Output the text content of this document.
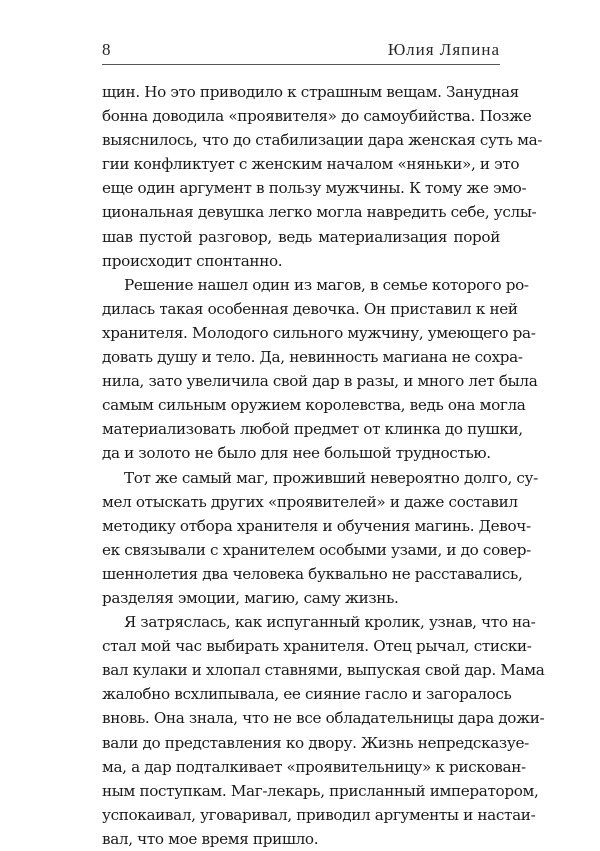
8	Юлия Ляпина
щин. Но это приводило к страшным вещам. Занудная
бонна доводила «проявителя» до самоубийства. Позже
выяснилось, что до стабилизации дара женская суть ма-
гии конфликтует с женским началом «няньки», и это
еще один аргумент в пользу мужчины. К тому же эмо-
циональная девушка легко могла навредить себе, услы-
шав пустой разговор, ведь материализация порой
происходит спонтанно.
Решение нашел один из магов, в семье которого ро-
дилась такая особенная девочка. Он приставил к ней
хранителя. Молодого сильного мужчину, умеющего ра-
довать душу и тело. Да, невинность магиана не сохра-
нила, зато увеличила свой дар в разы, и много лет была
самым сильным оружием королевства, ведь она могла
материализовать любой предмет от клинка до пушки,
да и золото не было для нее большой трудностью.
Тот же самый маг, проживший невероятно долго, су-
мел отыскать других «проявителей» и даже составил
методику отбора хранителя и обучения магинь. Девоч-
ек связывали с хранителем особыми узами, и до совер-
шеннолетия два человека буквально не расставались,
разделяя эмоции, магию, саму жизнь.
Я затряслась, как испуганный кролик, узнав, что на-
стал мой час выбирать хранителя. Отец рычал, стиски-
вал кулаки и хлопал ставнями, выпуская свой дар. Мама
жалобно всхлипывала, ее сияние гасло и загоралось
вновь. Она знала, что не все обладательницы дара дожи-
вали до представления ко двору. Жизнь непредсказуе-
ма, а дар подталкивает «проявительницу» к рискован-
ным поступкам. Маг-лекарь, присланный императором,
успокаивал, уговаривал, приводил аргументы и настаи-
вал, что мое время пришло.
